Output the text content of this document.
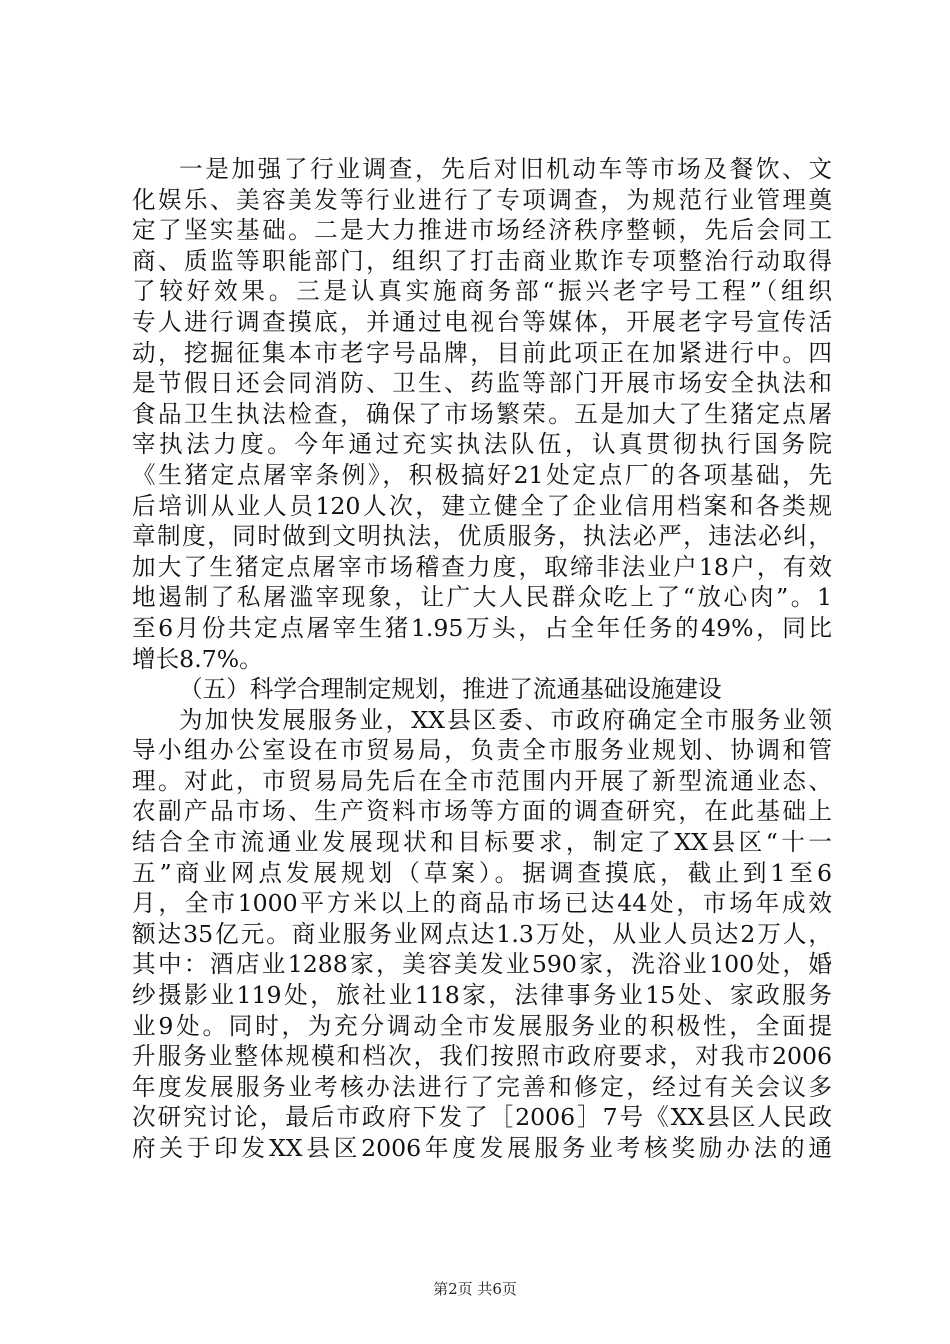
一是加强了行业调查，先后对旧机动车等市场及餐饮、文
化娱乐、美容美发等行业进行了专项调查，为规范行业管理奠
定了坚实基础。二是大力推进市场经济秩序整顿，先后会同工
商、质监等职能部门，组织了打击商业欺诈专项整治行动取得
了较好效果。三是认真实施商务部“振兴老字号工程”（组织
专人进行调查摸底，并通过电视台等媒体，开展老字号宣传活
动，挖掘征集本市老字号品牌，目前此项正在加紧进行中。四
是节假日还会同消防、卫生、药监等部门开展市场安全执法和
食品卫生执法检查，确保了市场繁荣。五是加大了生猪定点屠
宰执法力度。今年通过充实执法队伍，认真贯彻执行国务院
《生猪定点屠宰条例》，积极搞好21处定点厂的各项基础，先
后培训从业人员120人次，建立健全了企业信用档案和各类规
章制度，同时做到文明执法，优质服务，执法必严，违法必纠，
加大了生猪定点屠宰市场稽查力度，取缔非法业户18户，有效
地遏制了私屠滥宰现象，让广大人民群众吃上了“放心肉”。1
至6月份共定点屠宰生猪1.95万头，占全年任务的49%，同比
增长8.7%。
（五）科学合理制定规划，推进了流通基础设施建设
为加快发展服务业，XX县区委、市政府确定全市服务业领
导小组办公室设在市贸易局，负责全市服务业规划、协调和管
理。对此，市贸易局先后在全市范围内开展了新型流通业态、
农副产品市场、生产资料市场等方面的调查研究，在此基础上
结合全市流通业发展现状和目标要求，制定了XX县区“十一
五”商业网点发展规划（草案）。据调查摸底，截止到1至6
月，全市1000平方米以上的商品市场已达44处，市场年成效
额达35亿元。商业服务业网点达1.3万处，从业人员达2万人，
其中：酒店业1288家，美容美发业590家，洗浴业100处，婚
纱摄影业119处，旅社业118家，法律事务业15处、家政服务
业9处。同时，为充分调动全市发展服务业的积极性，全面提
升服务业整体规模和档次，我们按照市政府要求，对我市2006
年度发展服务业考核办法进行了完善和修定，经过有关会议多
次研究讨论，最后市政府下发了［2006］7号《XX县区人民政
府关于印发XX县区2006年度发展服务业考核奖励办法的通
第2页 共6页
